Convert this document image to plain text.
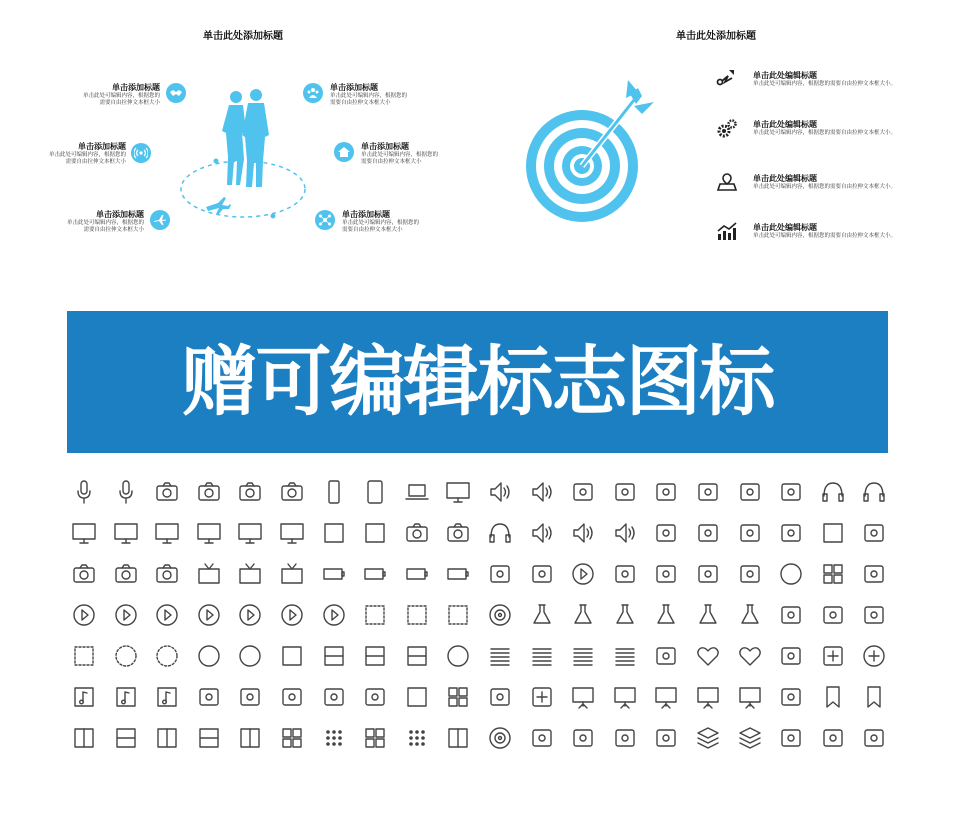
单击此处添加标题
单击添加标题
单击此处可编辑内容，根据您的需要自由拉伸文本框大小
单击添加标题
单击此处可编辑内容，根据您的需要自由拉伸文本框大小
单击添加标题
单击此处可编辑内容，根据您的需要自由拉伸文本框大小
单击添加标题
单击此处可编辑内容，根据您的需要自由拉伸文本框大小
单击添加标题
单击此处可编辑内容，根据您的需要自由拉伸文本框大小
单击添加标题
单击此处可编辑内容，根据您的需要自由拉伸文本框大小
单击此处添加标题
单击此处编辑标题
单击此处可编辑内容，根据您的需要自由拉伸文本框大小。
单击此处编辑标题
单击此处可编辑内容，根据您的需要自由拉伸文本框大小。
单击此处编辑标题
单击此处可编辑内容，根据您的需要自由拉伸文本框大小。
单击此处编辑标题
单击此处可编辑内容，根据您的需要自由拉伸文本框大小。
赠可编辑标志图标
